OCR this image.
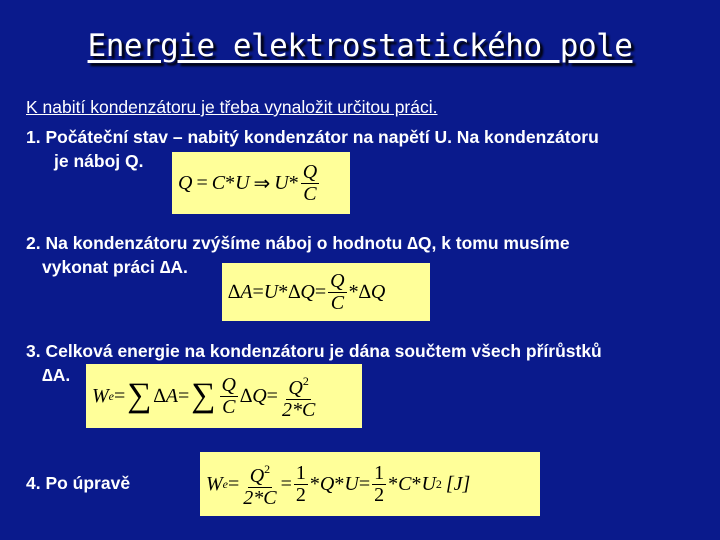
Energie elektrostatického pole
K nabití kondenzátoru je třeba vynaložit určitou práci.
1. Počáteční stav – nabitý kondenzátor na napětí U. Na kondenzátoru
je náboj Q.
Q = C * U ⇒ U * $\frac{Q}{C}$
2. Na kondenzátoru zvýšíme náboj o hodnotu ∆Q, k tomu musíme
vykonat práci ∆A.
$\Delta A = U * \Delta Q = \frac{Q}{C} * \Delta Q$
3. Celková energie na kondenzátoru je dána součtem všech přírůstků
∆A.
W e = ∑ ∆A = ∑ $\frac{Q}{C} \Delta Q = \frac{Q^2}{2*C}$
4. Po úpravě	W $e = \frac{Q^2}{2*C} = \frac{1}{2} * Q * U = \frac{1}{2} * C * U$ 2 [J]
